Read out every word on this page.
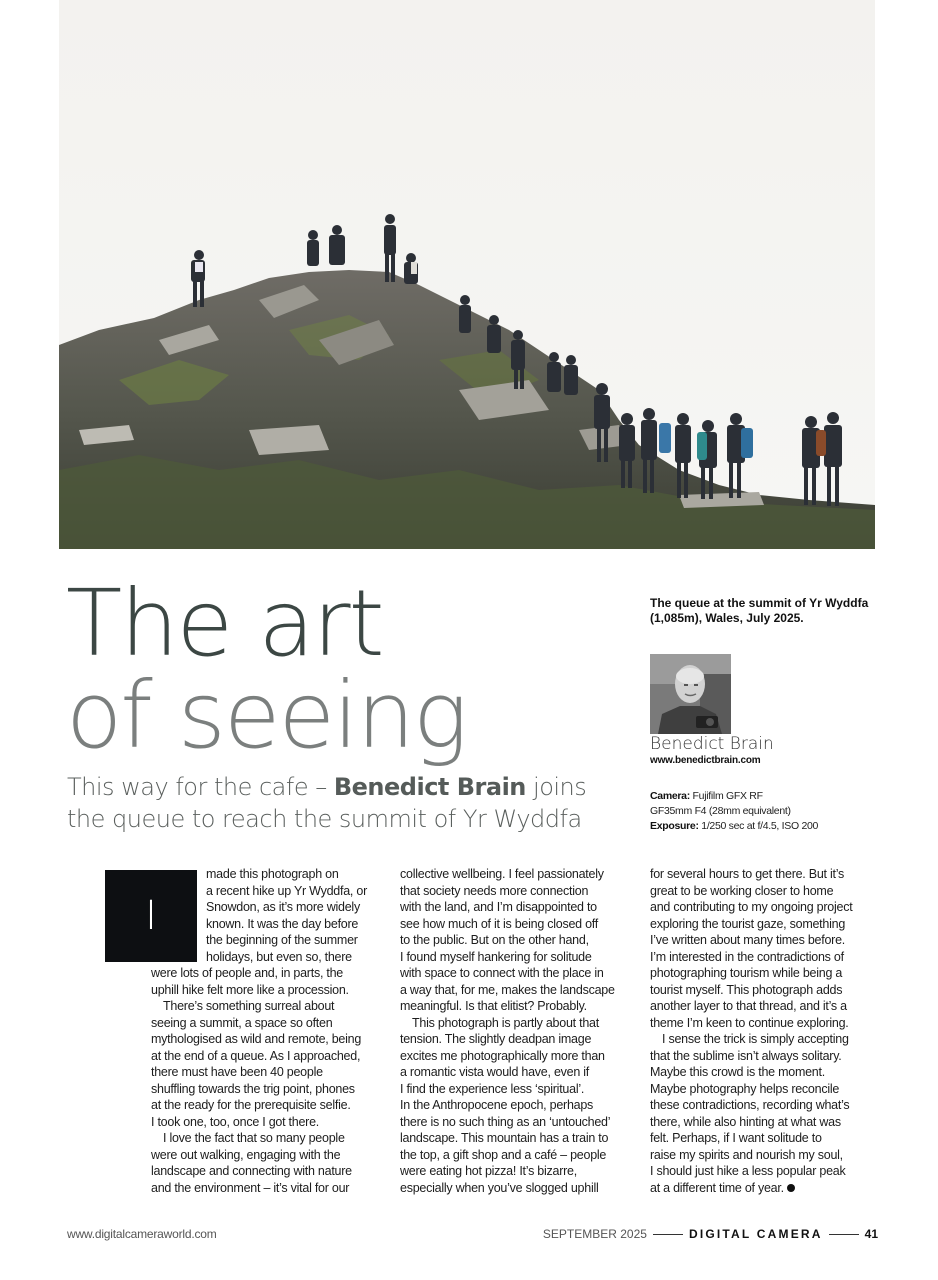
The art
of seeing

This way for the cafe – Benedict Brain joins the queue to reach the summit of Yr Wyddfa

The queue at the summit of Yr Wyddfa (1,085m), Wales, July 2025.

Benedict Brain
www.benedictbrain.com
Camera: Fujifilm GFX RF
GF35mm F4 (28mm equivalent)
Exposure: 1/250 sec at f/4.5, ISO 200
I
made this photograph on
a recent hike up Yr Wyddfa, or
Snowdon, as it’s more widely
known. It was the day before
the beginning of the summer
holidays, but even so, there
were lots of people and, in parts, the
uphill hike felt more like a procession.
There’s something surreal about
seeing a summit, a space so often
mythologised as wild and remote, being
at the end of a queue. As I approached,
there must have been 40 people
shuffling towards the trig point, phones
at the ready for the prerequisite selfie.
I took one, too, once I got there.
I love the fact that so many people
were out walking, engaging with the
landscape and connecting with nature
and the environment – it’s vital for our
collective wellbeing. I feel passionately
that society needs more connection
with the land, and I’m disappointed to
see how much of it is being closed off
to the public. But on the other hand,
I found myself hankering for solitude
with space to connect with the place in
a way that, for me, makes the landscape
meaningful. Is that elitist? Probably.
This photograph is partly about that
tension. The slightly deadpan image
excites me photographically more than
a romantic vista would have, even if
I find the experience less ‘spiritual’.
In the Anthropocene epoch, perhaps
there is no such thing as an ‘untouched’
landscape. This mountain has a train to
the top, a gift shop and a café – people
were eating hot pizza! It’s bizarre,
especially when you’ve slogged uphill
for several hours to get there. But it’s
great to be working closer to home
and contributing to my ongoing project
exploring the tourist gaze, something
I’ve written about many times before.
I’m interested in the contradictions of
photographing tourism while being a
tourist myself. This photograph adds
another layer to that thread, and it’s a
theme I’m keen to continue exploring.
I sense the trick is simply accepting
that the sublime isn’t always solitary.
Maybe this crowd is the moment.
Maybe photography helps reconcile
these contradictions, recording what’s
there, while also hinting at what was
felt. Perhaps, if I want solitude to
raise my spirits and nourish my soul,
I should just hike a less popular peak
at a different time of year.
www.digitalcameraworld.com	SEPTEMBER 2025	DIGITAL CAMERA	41
